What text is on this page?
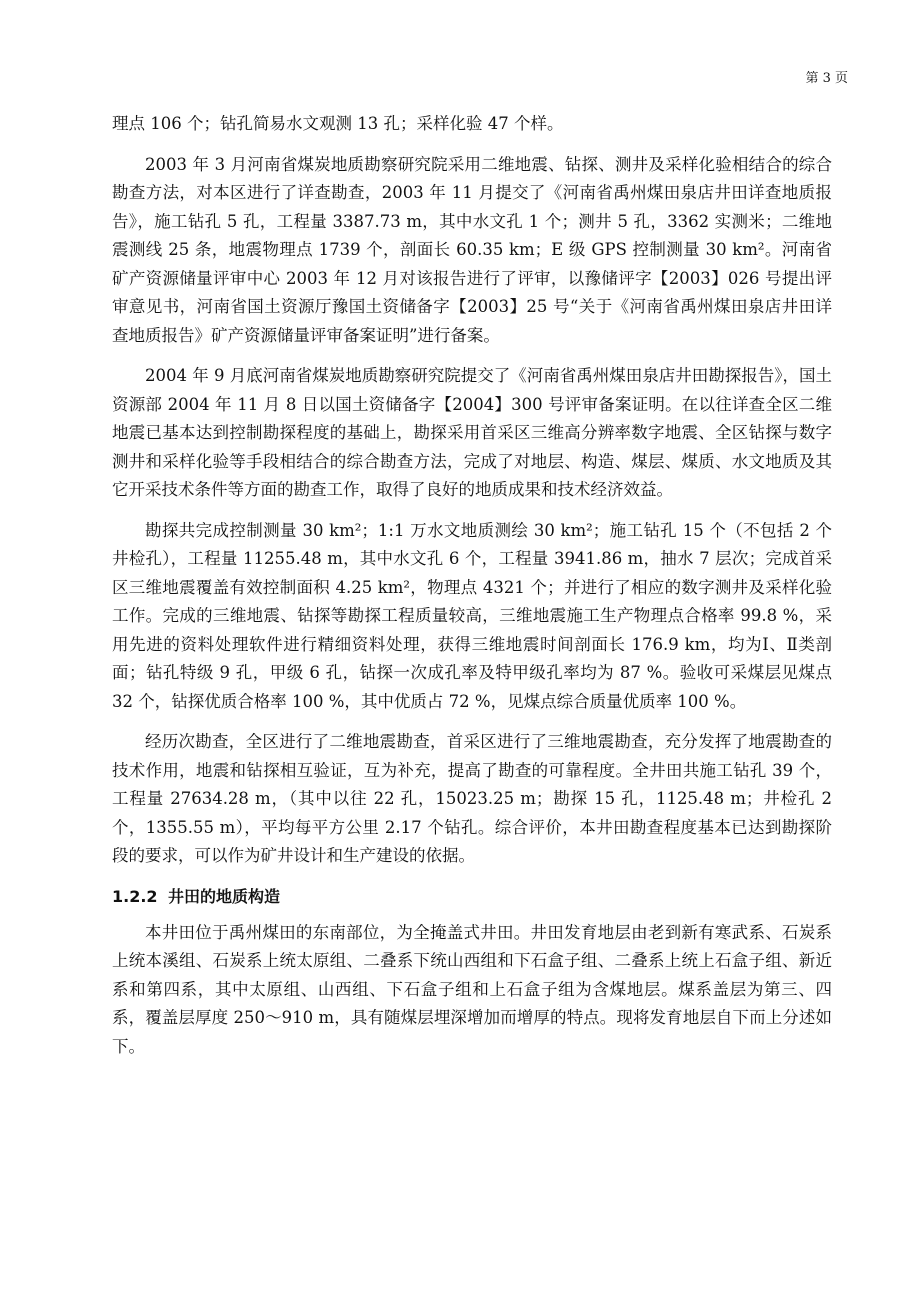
第 3 页

理点 106 个；钻孔简易水文观测 13 孔；采样化验 47 个样。

2003 年 3 月河南省煤炭地质勘察研究院采用二维地震、钻探、测井及采样化验相结合的综合勘查方法，对本区进行了详查勘查，2003 年 11 月提交了《河南省禹州煤田泉店井田详查地质报告》，施工钻孔 5 孔，工程量 3387.73 m，其中水文孔 1 个；测井 5 孔，3362 实测米；二维地震测线 25 条，地震物理点 1739 个，剖面长 60.35 km；E 级 GPS 控制测量 30 km²。河南省矿产资源储量评审中心 2003 年 12 月对该报告进行了评审，以豫储评字【2003】026 号提出评审意见书，河南省国土资源厅豫国土资储备字【2003】25 号“关于《河南省禹州煤田泉店井田详查地质报告》矿产资源储量评审备案证明”进行备案。

2004 年 9 月底河南省煤炭地质勘察研究院提交了《河南省禹州煤田泉店井田勘探报告》，国土资源部 2004 年 11 月 8 日以国土资储备字【2004】300 号评审备案证明。在以往详查全区二维地震已基本达到控制勘探程度的基础上，勘探采用首采区三维高分辨率数字地震、全区钻探与数字测井和采样化验等手段相结合的综合勘查方法，完成了对地层、构造、煤层、煤质、水文地质及其它开采技术条件等方面的勘查工作，取得了良好的地质成果和技术经济效益。

勘探共完成控制测量 30 km²；1:1 万水文地质测绘 30 km²；施工钻孔 15 个（不包括 2 个井检孔），工程量 11255.48 m，其中水文孔 6 个，工程量 3941.86 m，抽水 7 层次；完成首采区三维地震覆盖有效控制面积 4.25 km²，物理点 4321 个；并进行了相应的数字测井及采样化验工作。完成的三维地震、钻探等勘探工程质量较高，三维地震施工生产物理点合格率 99.8 %，采用先进的资料处理软件进行精细资料处理，获得三维地震时间剖面长 176.9 km，均为Ⅰ、Ⅱ类剖面；钻孔特级 9 孔，甲级 6 孔，钻探一次成孔率及特甲级孔率均为 87 %。验收可采煤层见煤点 32 个，钻探优质合格率 100 %，其中优质占 72 %，见煤点综合质量优质率 100 %。

经历次勘查，全区进行了二维地震勘查，首采区进行了三维地震勘查，充分发挥了地震勘查的技术作用，地震和钻探相互验证，互为补充，提高了勘查的可靠程度。全井田共施工钻孔 39 个，工程量 27634.28 m，（其中以往 22 孔，15023.25 m；勘探 15 孔，1125.48 m；井检孔 2 个，1355.55 m），平均每平方公里 2.17 个钻孔。综合评价，本井田勘查程度基本已达到勘探阶段的要求，可以作为矿井设计和生产建设的依据。

1.2.2 井田的地质构造

本井田位于禹州煤田的东南部位，为全掩盖式井田。井田发育地层由老到新有寒武系、石炭系上统本溪组、石炭系上统太原组、二叠系下统山西组和下石盒子组、二叠系上统上石盒子组、新近系和第四系，其中太原组、山西组、下石盒子组和上石盒子组为含煤地层。煤系盖层为第三、四系，覆盖层厚度 250～910 m，具有随煤层埋深增加而增厚的特点。现将发育地层自下而上分述如下。
